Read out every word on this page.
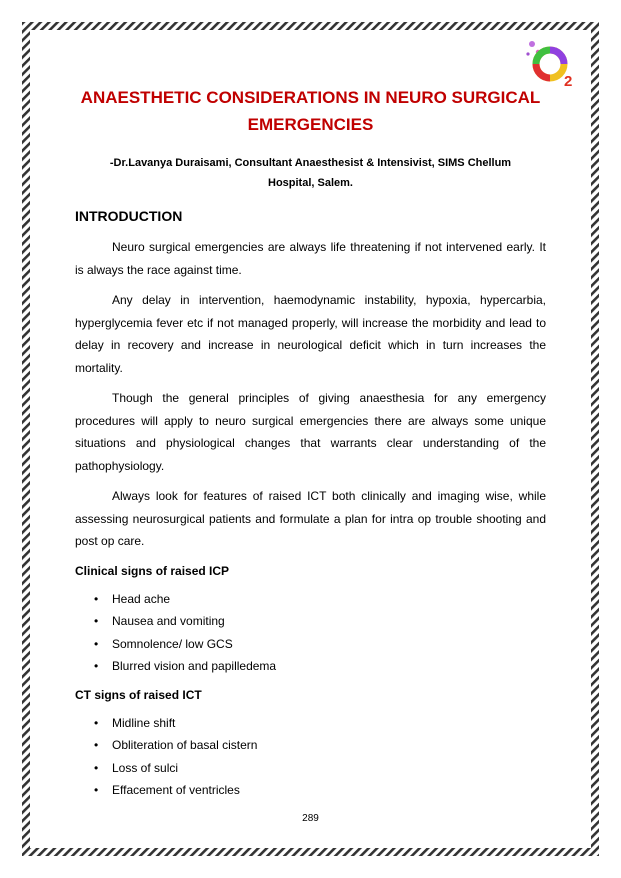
2
ANAESTHETIC CONSIDERATIONS IN NEURO SURGICAL EMERGENCIES
-Dr.Lavanya Duraisami, Consultant Anaesthesist & Intensivist, SIMS Chellum Hospital, Salem.
INTRODUCTION

Neuro surgical emergencies are always life threatening if not intervened early. It is always the race against time.

Any delay in intervention, haemodynamic instability, hypoxia, hypercarbia, hyperglycemia fever etc if not managed properly, will increase the morbidity and lead to delay in recovery and increase in neurological deficit which in turn increases the mortality.

Though the general principles of giving anaesthesia for any emergency procedures will apply to neuro surgical emergencies there are always some unique situations and physiological changes that warrants clear understanding of the pathophysiology.

Always look for features of raised ICT both clinically and imaging wise, while assessing neurosurgical patients and formulate a plan for intra op trouble shooting and post op care.

Clinical signs of raised ICP
• Head ache
• Nausea and vomiting
• Somnolence/ low GCS
• Blurred vision and papilledema
CT signs of raised ICT
• Midline shift
• Obliteration of basal cistern
• Loss of sulci
• Effacement of ventricles
289
